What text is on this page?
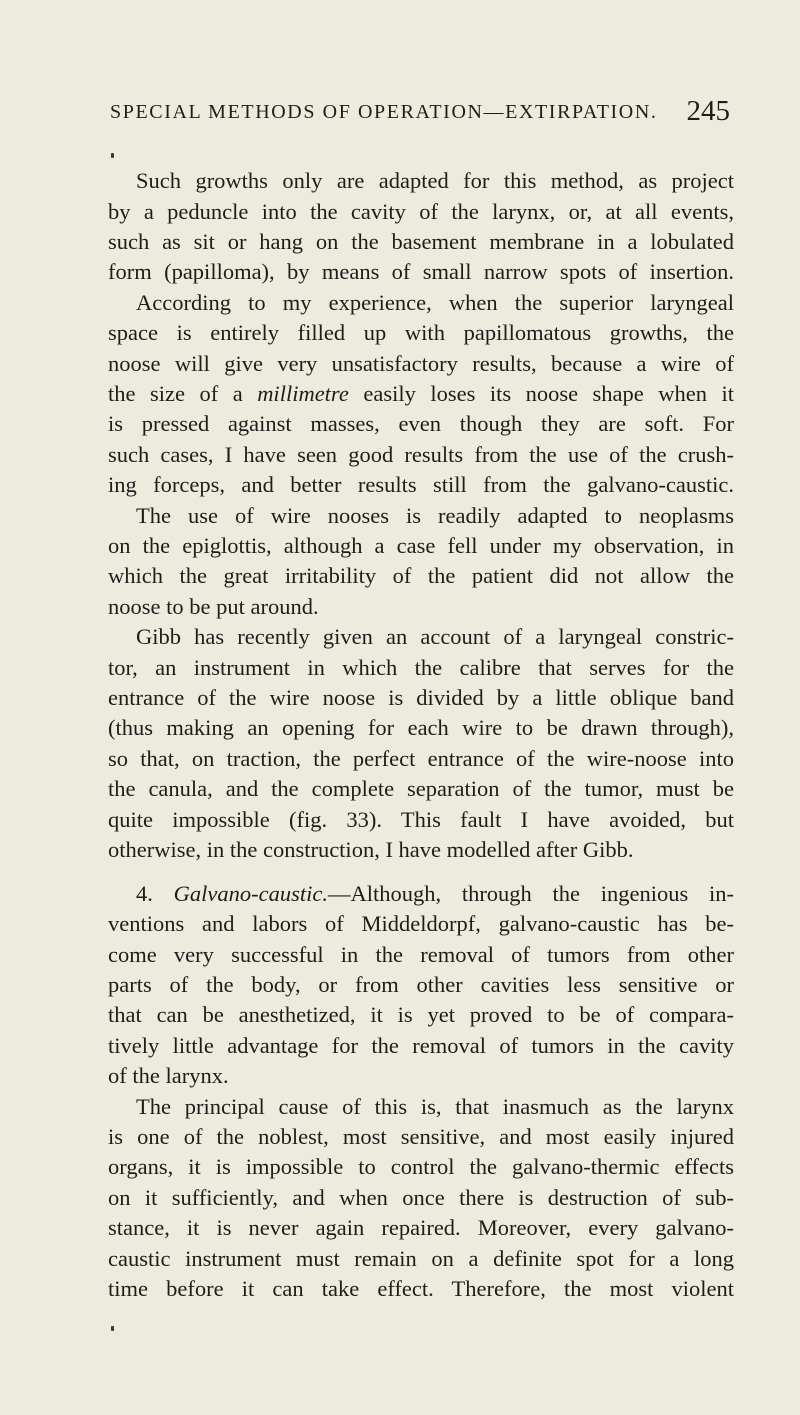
SPECIAL METHODS OF OPERATION—EXTIRPATION. 245
Such growths only are adapted for this method, as project
by a peduncle into the cavity of the larynx, or, at all events,
such as sit or hang on the basement membrane in a lobulated
form (papilloma), by means of small narrow spots of insertion.
According to my experience, when the superior laryngeal
space is entirely filled up with papillomatous growths, the
noose will give very unsatisfactory results, because a wire of
the size of a millimetre easily loses its noose shape when it
is pressed against masses, even though they are soft. For
such cases, I have seen good results from the use of the crush-
ing forceps, and better results still from the galvano-caustic.
The use of wire nooses is readily adapted to neoplasms
on the epiglottis, although a case fell under my observation, in
which the great irritability of the patient did not allow the
noose to be put around.
Gibb has recently given an account of a laryngeal constric-
tor, an instrument in which the calibre that serves for the
entrance of the wire noose is divided by a little oblique band
(thus making an opening for each wire to be drawn through),
so that, on traction, the perfect entrance of the wire-noose into
the canula, and the complete separation of the tumor, must be
quite impossible (fig. 33). This fault I have avoided, but
otherwise, in the construction, I have modelled after Gibb.
4. Galvano-caustic.—Although, through the ingenious in-
ventions and labors of Middeldorpf, galvano-caustic has be-
come very successful in the removal of tumors from other
parts of the body, or from other cavities less sensitive or
that can be anesthetized, it is yet proved to be of compara-
tively little advantage for the removal of tumors in the cavity
of the larynx.
The principal cause of this is, that inasmuch as the larynx
is one of the noblest, most sensitive, and most easily injured
organs, it is impossible to control the galvano-thermic effects
on it sufficiently, and when once there is destruction of sub-
stance, it is never again repaired. Moreover, every galvano-
caustic instrument must remain on a definite spot for a long
time before it can take effect. Therefore, the most violent
